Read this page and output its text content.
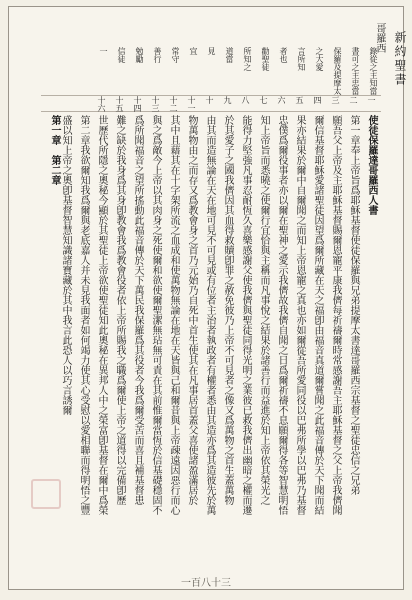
新約聖書
哥羅西
錄從之主知當
書可之主忠當
保羅及提摩太
之大愛
言所知
者也
勸聖徒
所知之
道當
見
宜
常守
善行
勉勵
信徒
一
一
二
三
四
五
六
七
八
九
十
十一
十二
十三
十四
十五
十六
使徒保羅達哥羅西人書
第一章奉上帝旨爲耶穌基督使徒保羅與兄弟提摩太書達哥羅西宗基督之聖徒忠信之兄弟
願吾父上帝及主耶穌基督賜爾恩寵平康我儕每祈禱爾時常感謝吾主耶穌基督之父上帝我儕聞
爾信基督耶穌愛諸聖徒因望爲爾所藏在天之福卽由福音真道爾嘗聞之此福音傳於天下聞而結
果亦結果於爾中自爾聞之而知上帝恩寵之真也亦如爾從吾所愛同役以巴弗所學以巴弗乃基督
忠僕爲爾役事者亦以爾在聖神之愛示我儕故我儕自聞之日爲爾祈禱不息願爾得各等智慧明悟
知上帝旨而悉曉之使爾行宜恰與主稱而凡事悅之結果於諸善行而益進於知上帝依其榮光之
能得力堅強凡事忍耐恆久喜樂感謝父使我儕與聖徒同得光明之業彼已救我儕出幽暗之權而遷
於其愛子之國我儕因其血得救贖卽罪之赦免彼乃上帝不可見者之像又爲萬物之首生蓋萬物
由其而造無論在天在地可見不可見或有位者主治者執政者有權者悉由其造亦爲其造彼先於萬
物萬物由之而存又爲教會身之首乃元始乃自死中首生使其在凡事居首蓋父喜使諸盈滿居於
其中且藉其在十字架所流之血成和使萬物無論在地在天皆與己和爾昔與上帝疎遠因惡行而心
與之爲敵今上帝以其肉身之死使爾和欲使爾聖潔無玷無可責在其前惟爾當恆於信基礎穩固不
爲所聞福音之望所搖動此福音傳於天下萬民我保羅爲其役者今我爲爾受苦而喜且補基督患
難之缺於我身爲其身卽教會我爲教會役者依上帝所賜我之職爲爾使上帝之道得以完備卽歷
世歷代所隱之奧秘今顯於其聖徒上帝欲使聖徒知此奧秘在異邦人中之榮富卽基督在爾中爲榮
第二章我欲爾知我爲爾與老底嘉人并未見我面者如何竭力使其心受慰以愛相聯而得明悟之豐
盛以知上帝之奧卽基督智慧知識諸寶藏於其中我言此恐人以巧言誘爾
第一章　第二章
一百八十三
